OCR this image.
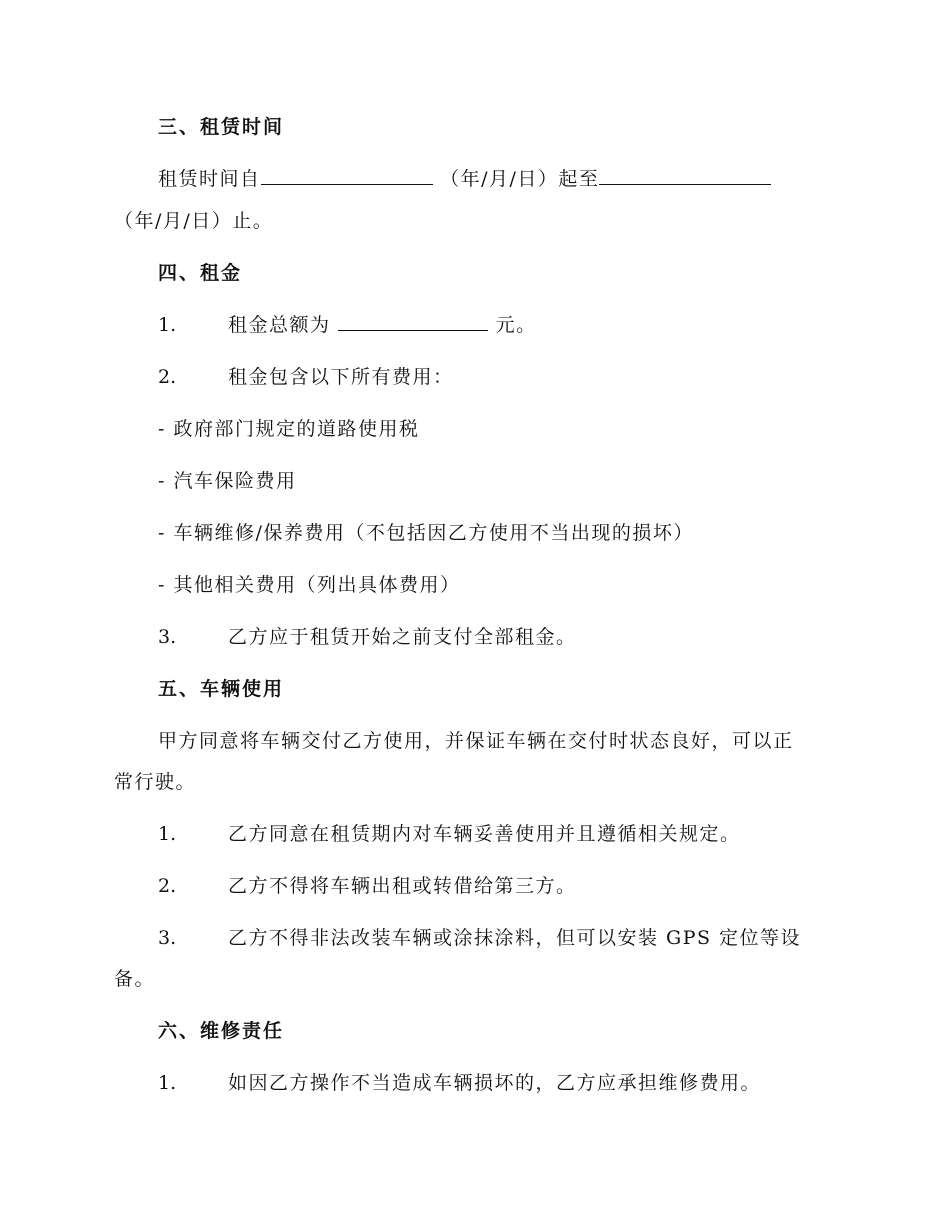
三、租赁时间
租赁时间自	（年/月/日）起至
（年/月/日）止。
四、租金
1.	租金总额为	元。
2.	租金包含以下所有费用：
- 政府部门规定的道路使用税
- 汽车保险费用
- 车辆维修/保养费用（不包括因乙方使用不当出现的损坏）
- 其他相关费用（列出具体费用）
3.	乙方应于租赁开始之前支付全部租金。
五、车辆使用
甲方同意将车辆交付乙方使用，并保证车辆在交付时状态良好，可以正
常行驶。
1.	乙方同意在租赁期内对车辆妥善使用并且遵循相关规定。
2.	乙方不得将车辆出租或转借给第三方。
3.	乙方不得非法改装车辆或涂抹涂料，但可以安装 GPS 定位等设
备。
六、维修责任
1.	如因乙方操作不当造成车辆损坏的，乙方应承担维修费用。
